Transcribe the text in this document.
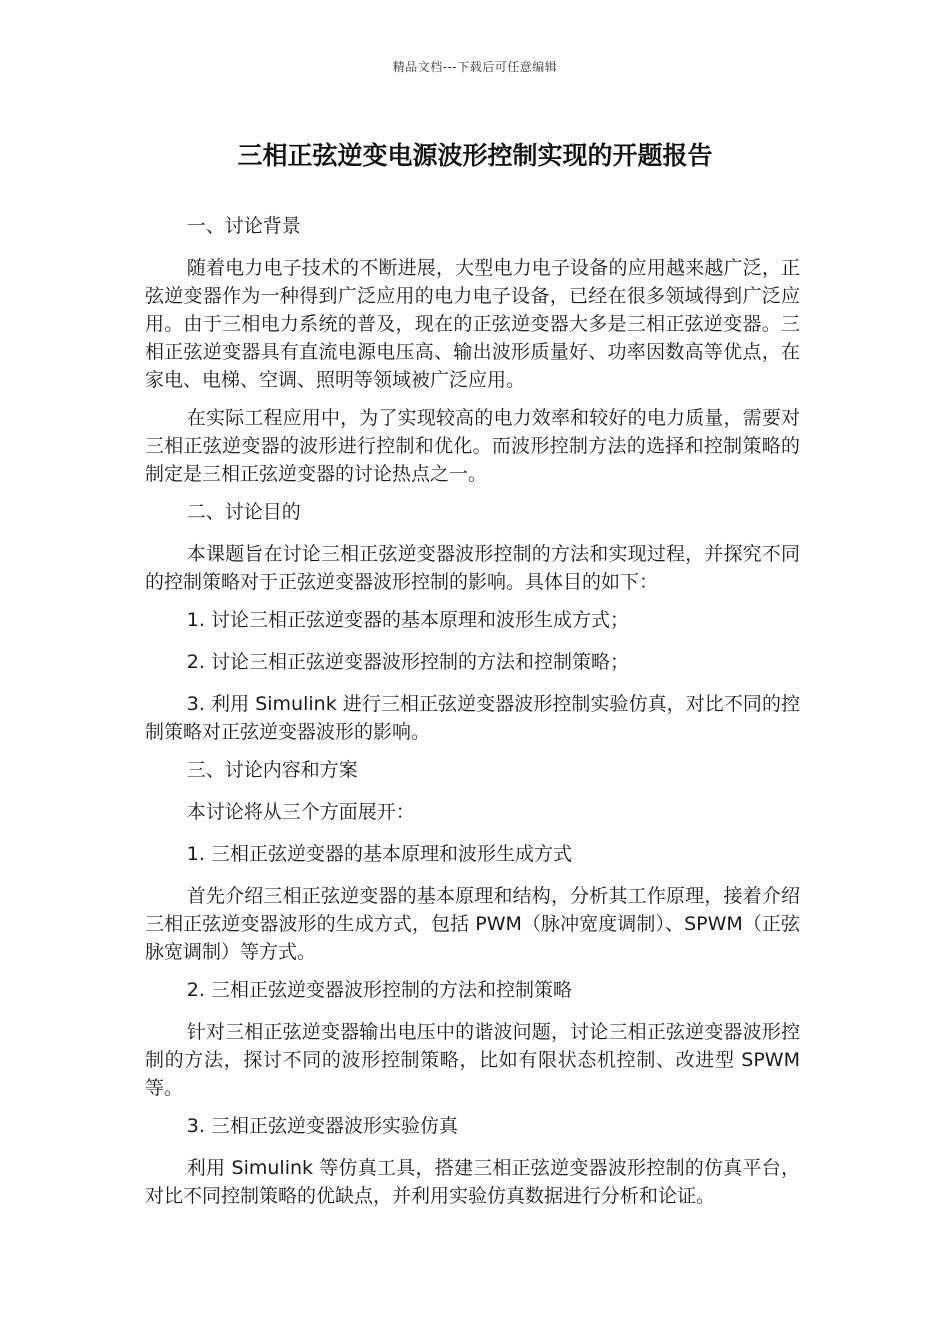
精品文档---下载后可任意编辑
三相正弦逆变电源波形控制实现的开题报告

一、讨论背景

随着电力电子技术的不断进展，大型电力电子设备的应用越来越广泛，正弦逆变器作为一种得到广泛应用的电力电子设备，已经在很多领域得到广泛应用。由于三相电力系统的普及，现在的正弦逆变器大多是三相正弦逆变器。三相正弦逆变器具有直流电源电压高、输出波形质量好、功率因数高等优点，在家电、电梯、空调、照明等领域被广泛应用。

在实际工程应用中，为了实现较高的电力效率和较好的电力质量，需要对三相正弦逆变器的波形进行控制和优化。而波形控制方法的选择和控制策略的制定是三相正弦逆变器的讨论热点之一。

二、讨论目的

本课题旨在讨论三相正弦逆变器波形控制的方法和实现过程，并探究不同的控制策略对于正弦逆变器波形控制的影响。具体目的如下：

1. 讨论三相正弦逆变器的基本原理和波形生成方式；

2. 讨论三相正弦逆变器波形控制的方法和控制策略；

3. 利用 Simulink 进行三相正弦逆变器波形控制实验仿真，对比不同的控制策略对正弦逆变器波形的影响。

三、讨论内容和方案

本讨论将从三个方面展开：

1. 三相正弦逆变器的基本原理和波形生成方式

首先介绍三相正弦逆变器的基本原理和结构，分析其工作原理，接着介绍三相正弦逆变器波形的生成方式，包括 PWM（脉冲宽度调制）、SPWM（正弦脉宽调制）等方式。

2. 三相正弦逆变器波形控制的方法和控制策略

针对三相正弦逆变器输出电压中的谐波问题，讨论三相正弦逆变器波形控制的方法，探讨不同的波形控制策略，比如有限状态机控制、改进型 SPWM 等。

3. 三相正弦逆变器波形实验仿真

利用 Simulink 等仿真工具，搭建三相正弦逆变器波形控制的仿真平台，对比不同控制策略的优缺点，并利用实验仿真数据进行分析和论证。
